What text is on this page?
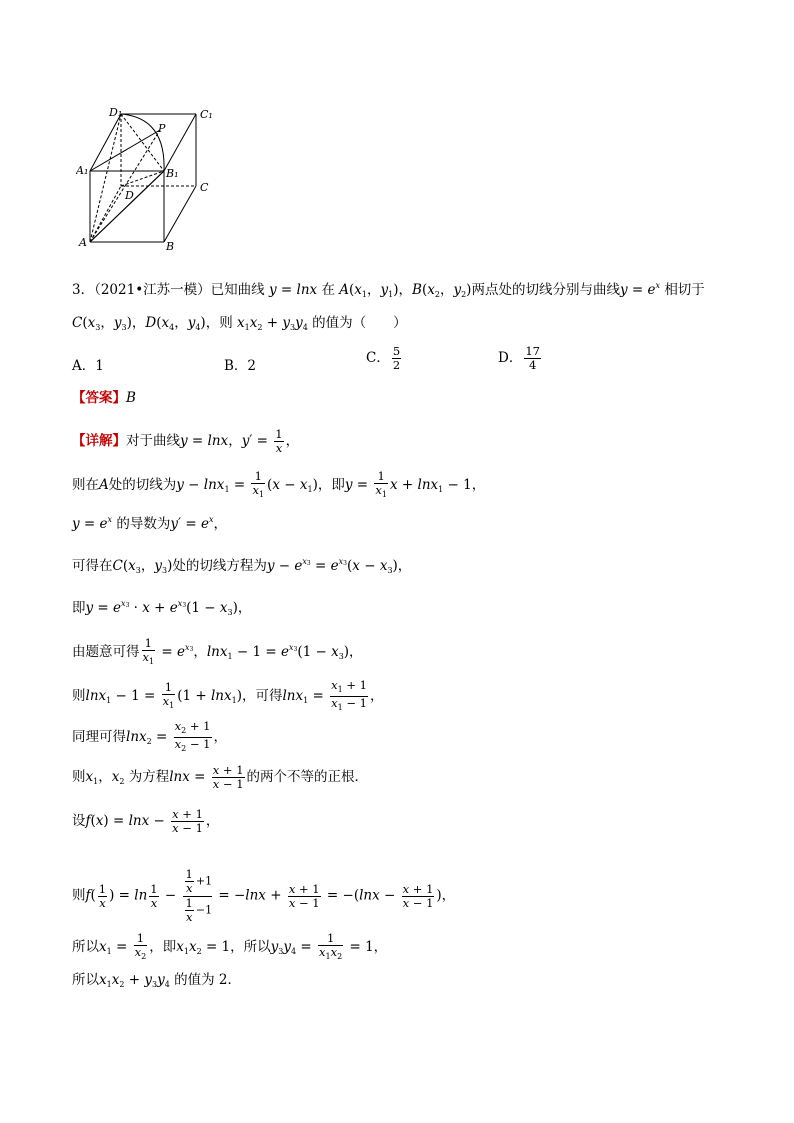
D₁	C₁
P
A₁	B₁
C
D
A	B
3．（2021•江苏一模）已知曲线 y = lnx 在 $A(x_1$，$y_1$)，$B(x_2$，$y_2$)两点处的切线分别与曲线$y = e^x$ 相切于
$C(x_3$，$y_3$)，$D(x_4$，$y_4$)，则 $x_1x_2 + y_3y_4$ 的值为（　　）
A．1	B．2	C． $\frac{5}{2}$	D． $\frac{17}{4}$
【答案】B
【详解】对于曲线y = lnx，$y' = \frac{1}{x}$ ，
则在A处的切线为$y - \ln x_1 = \frac{1}{x_1} (x - x_1)$，即$y = \frac{1}{x_1}$ x + lnx$_1$ − 1，
$y = e^x$ 的导数为$y' = e^x$，
可得在$C(x_3$，$y_3$)处的切线方程为$y - e^{x_3} = e^{x_3}(x - x_3)$，
即$y = e^{x_3} \cdot x + e^{x_3}(1 - x_3)$，
由题意可得 $\frac{1}{x_1} = e^{x_3}$，$\ln x_1 - 1 = e^{x_3}(1 - x_3)$，
则$\ln x_1 - 1 = \frac{1}{x_1} (1 + \ln x_1)$，可得$\ln x_1 = \frac{x_1 + 1}{x_1 - 1}$ ，
同理可得$\ln x_2 = \frac{x_2 + 1}{x_2 - 1}$ ，
则$x_1$，$x_2$ 为方程$\ln x = \frac{x + 1}{x - 1}$ 的两个不等的正根．
设$f(x) = \ln x - \frac{x + 1}{x - 1}$ ，
则$f( \frac{1}{x}$ ) = $\ln \frac{1}{x} - \frac{\frac{1}{x} +1}{\frac{1}{x} -1} = -\ln x + \frac{x + 1}{x - 1} = -(\ln x - \frac{x + 1}{x - 1}$ )，
所以$x_1 = \frac{1}{x_2}$ ，即$x_1x_2 = 1$，所以$y_3y_4 = \frac{1}{x_1x_2} = 1$，
所以$x_1x_2 + y_3y_4$ 的值为 2．
